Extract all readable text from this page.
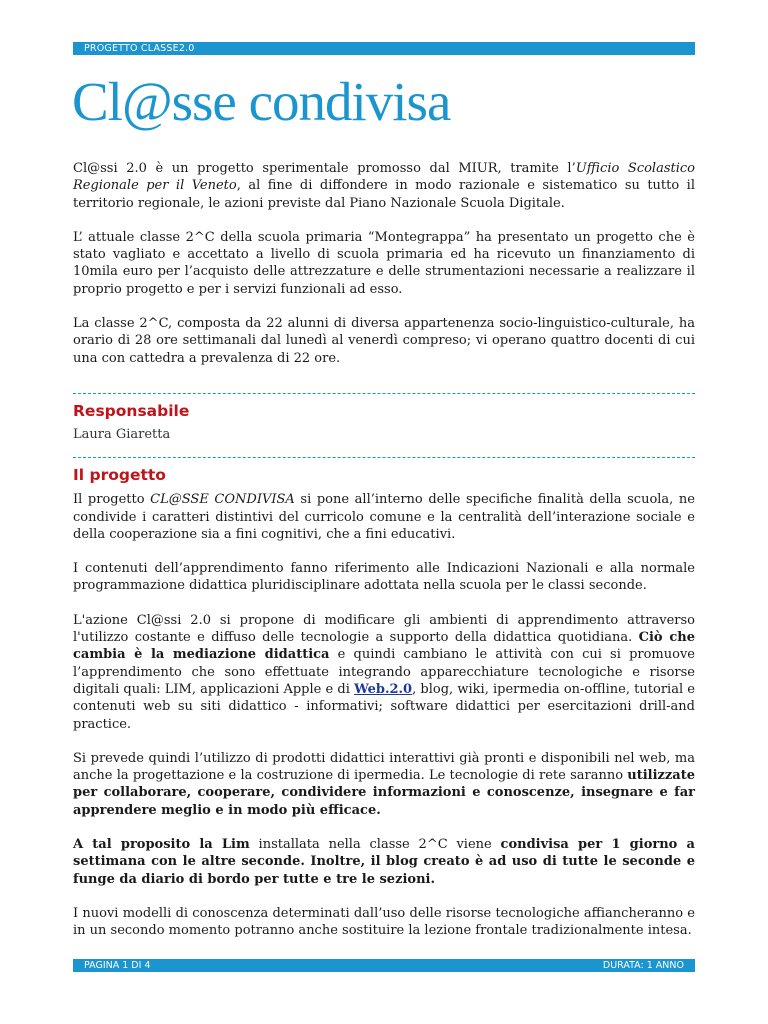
PROGETTO CLASSE2.0
Cl@sse condivisa

Cl@ssi 2.0 è un progetto sperimentale promosso dal MIUR, tramite l’Ufficio Scolastico Regionale per il Veneto, al fine di diffondere in modo razionale e sistematico su tutto il territorio regionale, le azioni previste dal Piano Nazionale Scuola Digitale.

L’ attuale classe 2^C della scuola primaria “Montegrappa” ha presentato un progetto che è stato vagliato e accettato a livello di scuola primaria ed ha ricevuto un finanziamento di 10mila euro per l’acquisto delle attrezzature e delle strumentazioni necessarie a realizzare il proprio progetto e per i servizi funzionali ad esso.

La classe 2^C, composta da 22 alunni di diversa appartenenza socio-linguistico-culturale, ha orario di 28 ore settimanali dal lunedì al venerdì compreso; vi operano quattro docenti di cui una con cattedra a prevalenza di 22 ore.

Responsabile
Laura Giaretta
Il progetto

Il progetto CL@SSE CONDIVISA si pone all’interno delle specifiche finalità della scuola, ne condivide i caratteri distintivi del curricolo comune e la centralità dell’interazione sociale e della cooperazione sia a fini cognitivi, che a fini educativi.

I contenuti dell’apprendimento fanno riferimento alle Indicazioni Nazionali e alla normale programmazione didattica pluridisciplinare adottata nella scuola per le classi seconde.

L'azione Cl@ssi 2.0 si propone di modificare gli ambienti di apprendimento attraverso l'utilizzo costante e diffuso delle tecnologie a supporto della didattica quotidiana. Ciò che cambia è la mediazione didattica e quindi cambiano le attività con cui si promuove l’apprendimento che sono effettuate integrando apparecchiature tecnologiche e risorse digitali quali: LIM, applicazioni Apple e di Web.2.0, blog, wiki, ipermedia on-offline, tutorial e contenuti web su siti didattico - informativi; software didattici per esercitazioni drill-and practice.

Si prevede quindi l’utilizzo di prodotti didattici interattivi già pronti e disponibili nel web, ma anche la progettazione e la costruzione di ipermedia. Le tecnologie di rete saranno utilizzate per collaborare, cooperare, condividere informazioni e conoscenze, insegnare e far apprendere meglio e in modo più efficace.

A tal proposito la Lim installata nella classe 2^C viene condivisa per 1 giorno a settimana con le altre seconde. Inoltre, il blog creato è ad uso di tutte le seconde e funge da diario di bordo per tutte e tre le sezioni.

I nuovi modelli di conoscenza determinati dall’uso delle risorse tecnologiche affiancheranno e in un secondo momento potranno anche sostituire la lezione frontale tradizionalmente intesa.

PAGINA 1 DI 4	DURATA: 1 ANNO
